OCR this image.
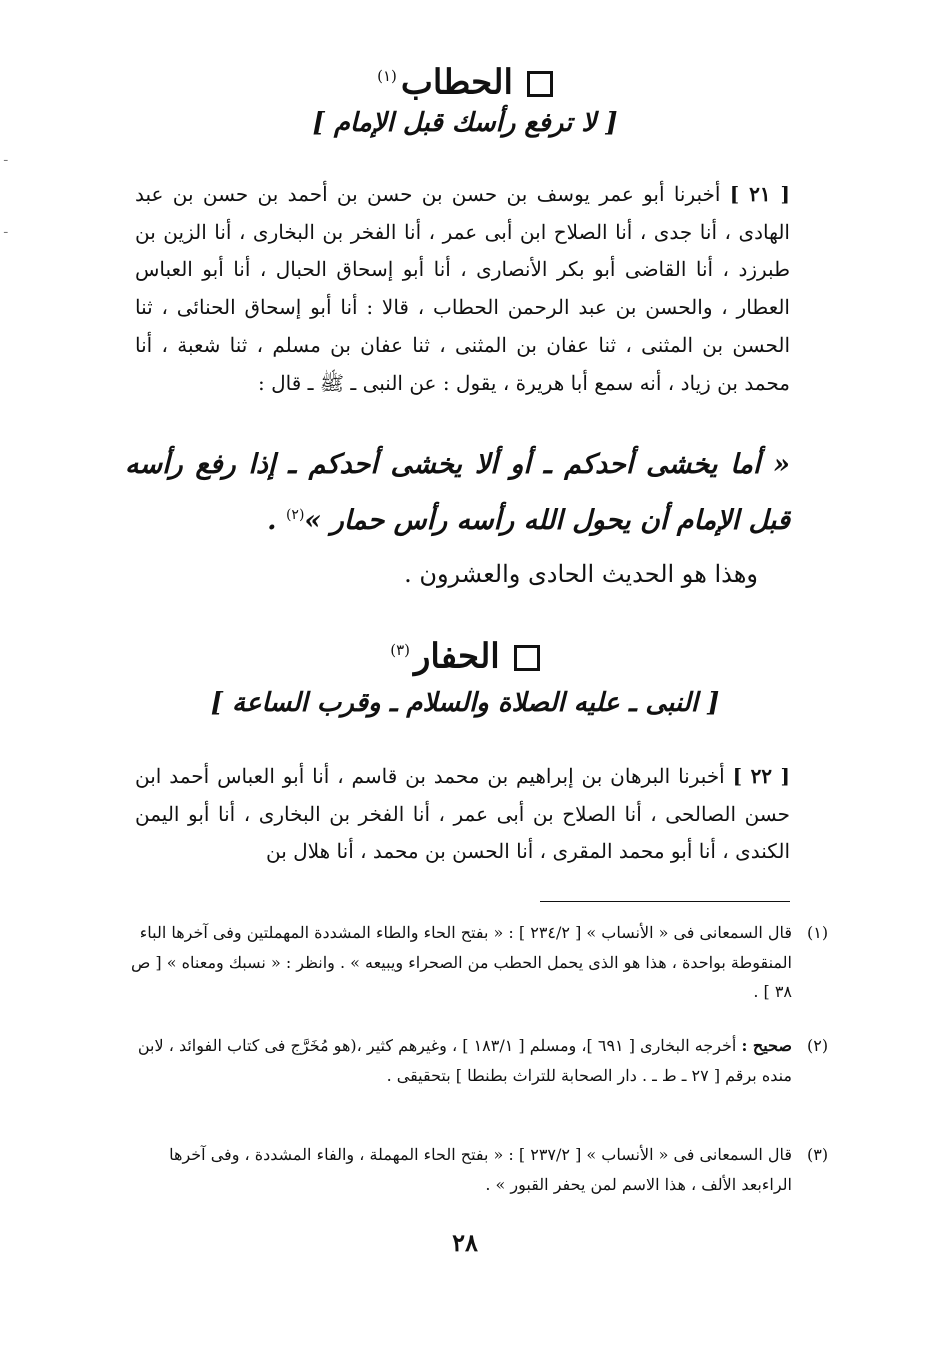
ـ
ـ
الحطاب$^{(١)}$
[ لا ترفع رأسك قبل الإمام ]
[ ٢١ ] أخبرنا أبو عمر يوسف بن حسن بن حسن بن أحمد بن حسن بن عبد الهادى ، أنا جدى ، أنا الصلاح ابن أبى عمر ، أنا الفخر بن البخارى ، أنا الزين بن طبرزد ، أنا القاضى أبو بكر الأنصارى ، أنا أبو إسحاق الحبال ، أنا أبو العباس العطار ، والحسن بن عبد الرحمن الحطاب ، قالا : أنا أبو إسحاق الحنائى ، ثنا الحسن بن المثنى ، ثنا عفان بن المثنى ، ثنا عفان بن مسلم ، ثنا شعبة ، أنا محمد بن زياد ، أنه سمع أبا هريرة ، يقول : عن النبى ـ ﷺ ـ قال :
« أما يخشى أحدكم ـ أو ألا يخشى أحدكم ـ إذا رفع رأسه قبل الإمام أن يحول الله رأسه رأس حمار »$^{(٢)}$ .
وهذا هو الحديث الحادى والعشرون .
الحفار$^{(٣)}$
[ النبى ـ عليه الصلاة والسلام ـ وقرب الساعة ]
[ ٢٢ ] أخبرنا البرهان بن إبراهيم بن محمد بن قاسم ، أنا أبو العباس أحمد ابن حسن الصالحى ، أنا الصلاح بن أبى عمر ، أنا الفخر بن البخارى ، أنا أبو اليمن الكندى ، أنا أبو محمد المقرى ، أنا الحسن بن محمد ، أنا هلال بن
(١)
قال السمعانى فى « الأنساب » [ ٢٣٤/٢ ] : « بفتح الحاء والطاء المشددة المهملتين وفى آخرها الباء المنقوطة بواحدة ، هذا هو الذى يحمل الحطب من الصحراء ويبيعه » . وانظر : « نسبك ومعناه » [ ص ٣٨ ] .
(٢)
صحيح : أخرجه البخارى [ ٦٩١ ]، ومسلم [ ١٨٣/١ ] ، وغيرهم كثير ،(هو مُخَرَّج فى كتاب الفوائد ، لابن منده برقم [ ٢٧ ـ ط ـ . دار الصحابة للتراث بطنطا ] بتحقيقى .
(٣)
قال السمعانى فى « الأنساب » [ ٢٣٧/٢ ] : « بفتح الحاء المهملة ، والفاء المشددة ، وفى آخرها الراءبعد الألف ، هذا الاسم لمن يحفر القبور » .
٢٨
